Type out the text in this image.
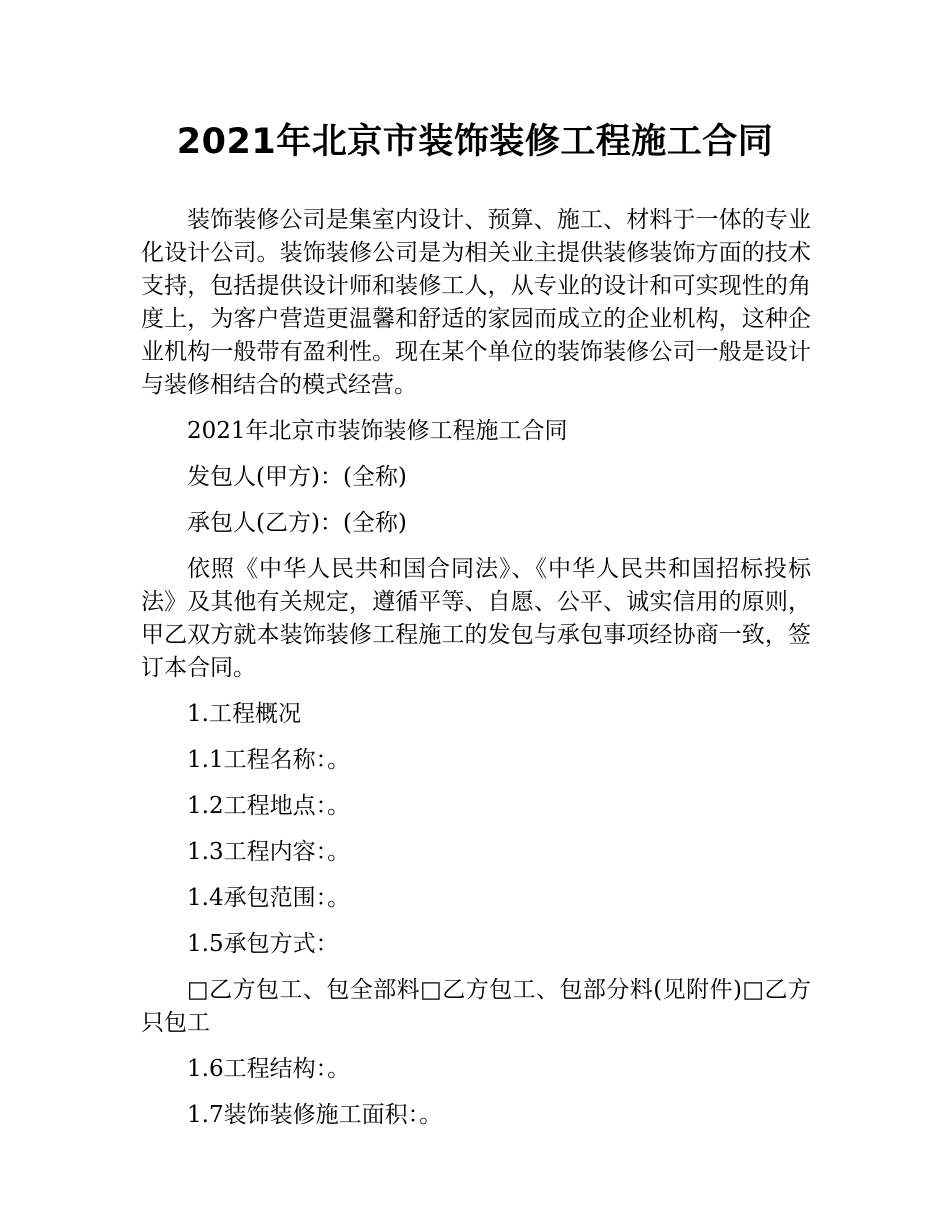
2021年北京市装饰装修工程施工合同

装饰装修公司是集室内设计、预算、施工、材料于一体的专业化设计公司。装饰装修公司是为相关业主提供装修装饰方面的技术支持，包括提供设计师和装修工人，从专业的设计和可实现性的角度上，为客户营造更温馨和舒适的家园而成立的企业机构，这种企业机构一般带有盈利性。现在某个单位的装饰装修公司一般是设计与装修相结合的模式经营。

2021年北京市装饰装修工程施工合同

发包人(甲方)：(全称)

承包人(乙方)：(全称)

依照《中华人民共和国合同法》、《中华人民共和国招标投标法》及其他有关规定，遵循平等、自愿、公平、诚实信用的原则，甲乙双方就本装饰装修工程施工的发包与承包事项经协商一致，签订本合同。

1.工程概况

1.1工程名称：。

1.2工程地点：。

1.3工程内容：。

1.4承包范围：。

1.5承包方式：

□乙方包工、包全部料□乙方包工、包部分料(见附件)□乙方只包工

1.6工程结构：。

1.7装饰装修施工面积：。
